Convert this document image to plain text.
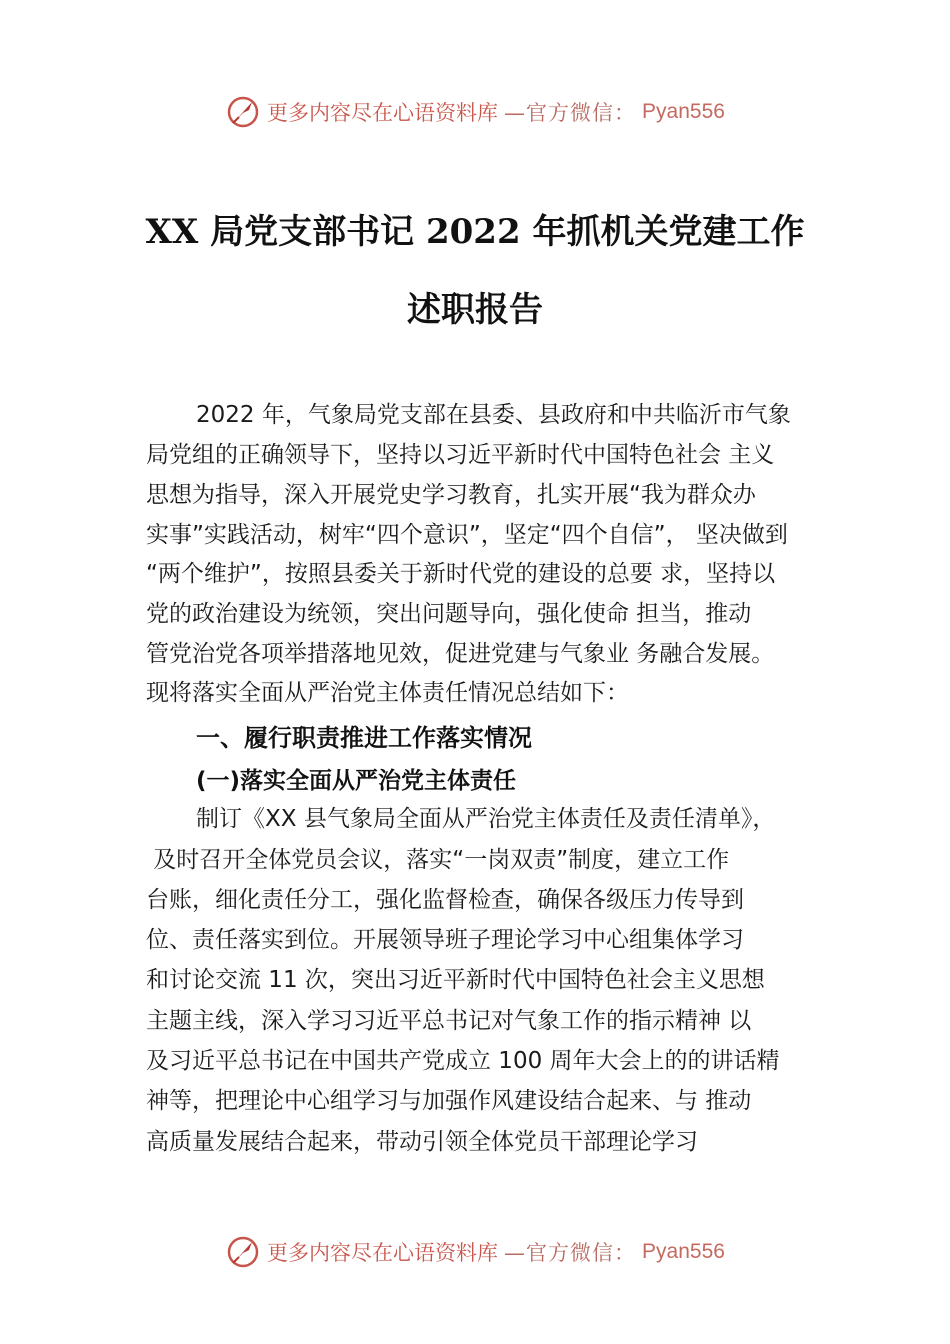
更多内容尽在心语资料库 —官方微信： Pyan556
XX 局党支部书记 2022 年抓机关党建工作
述职报告
2022 年，气象局党支部在县委、县政府和中共临沂市气象
局党组的正确领导下，坚持以习近平新时代中国特色社会 主义
思想为指导，深入开展党史学习教育，扎实开展“我为群众办
实事”实践活动，树牢“四个意识”，坚定“四个自信”， 坚决做到
“两个维护”，按照县委关于新时代党的建设的总要 求，坚持以
党的政治建设为统领，突出问题导向，强化使命 担当，推动
管党治党各项举措落地见效，促进党建与气象业 务融合发展。
现将落实全面从严治党主体责任情况总结如下：
一、履行职责推进工作落实情况
(一)落实全面从严治党主体责任
制订《XX 县气象局全面从严治党主体责任及责任清单》，
及时召开全体党员会议，落实“一岗双责”制度，建立工作
台账，细化责任分工，强化监督检查，确保各级压力传导到
位、责任落实到位。开展领导班子理论学习中心组集体学习
和讨论交流 11 次，突出习近平新时代中国特色社会主义思想
主题主线，深入学习习近平总书记对气象工作的指示精神 以
及习近平总书记在中国共产党成立 100 周年大会上的的讲话精
神等，把理论中心组学习与加强作风建设结合起来、与 推动
高质量发展结合起来，带动引领全体党员干部理论学习
更多内容尽在心语资料库 —官方微信： Pyan556
